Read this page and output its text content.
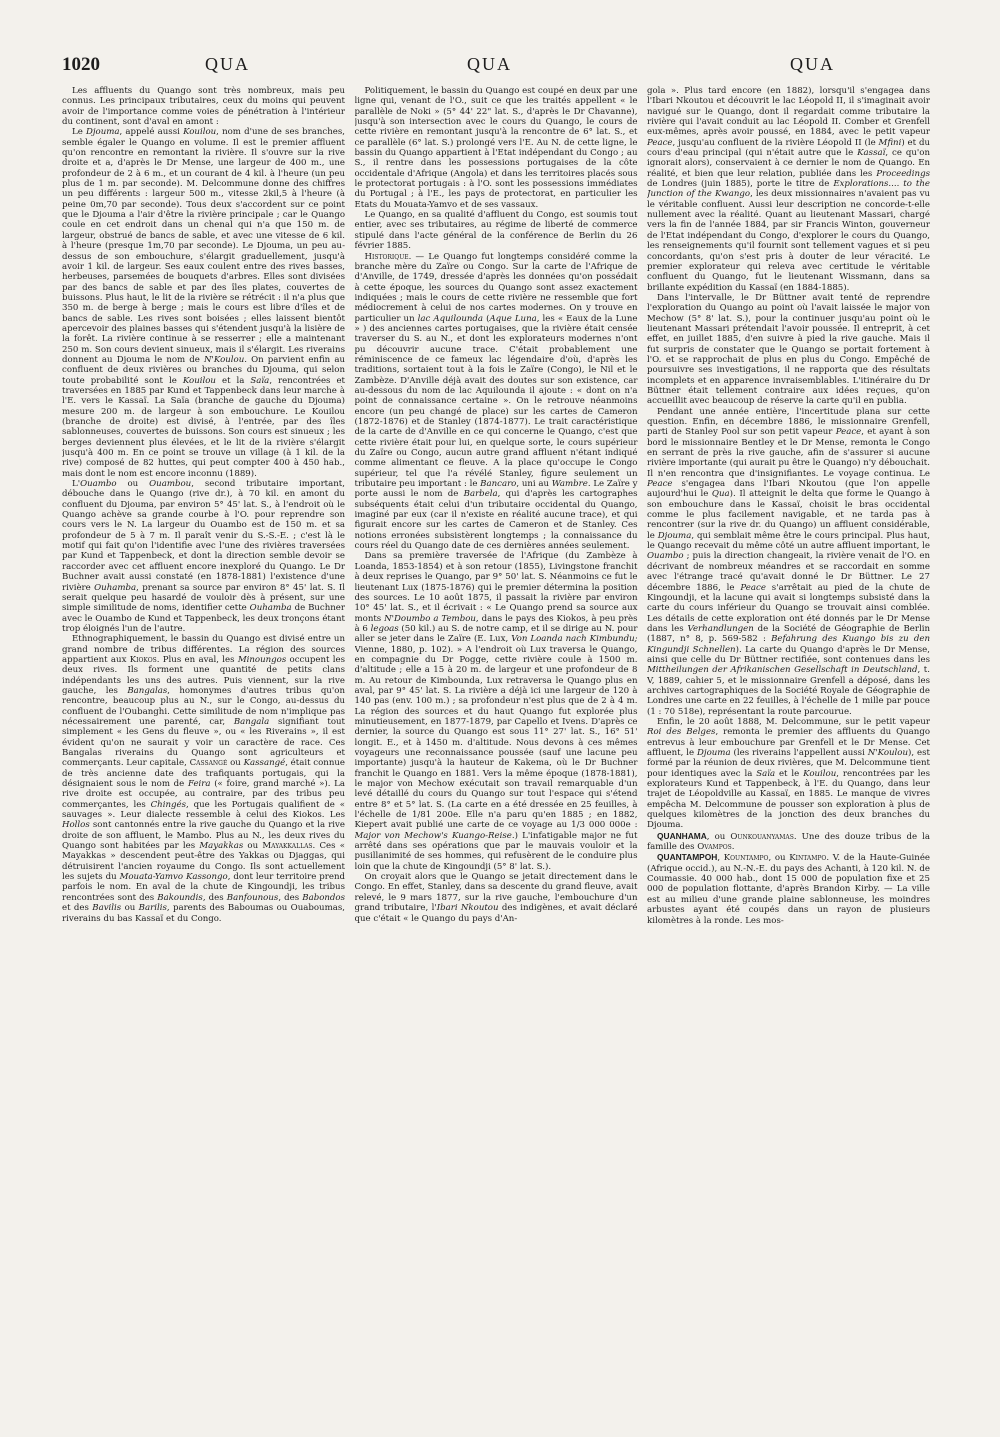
1020	QUA	QUA	QUA

Les affluents du Quango sont très nombreux, mais peu connus. Les principaux tributaires, ceux du moins qui peuvent avoir de l'importance comme voies de pénétration à l'intérieur du continent, sont d'aval en amont :

Le Djouma, appelé aussi Kouilou, nom d'une de ses branches, semble égaler le Quango en volume. Il est le premier affluent qu'on rencontre en remontant la rivière. Il s'ouvre sur la rive droite et a, d'après le Dr Mense, une largeur de 400 m., une profondeur de 2 à 6 m., et un courant de 4 kil. à l'heure (un peu plus de 1 m. par seconde). M. Delcommune donne des chiffres un peu différents : largeur 500 m., vitesse 2kil,5 à l'heure (à peine 0m,70 par seconde). Tous deux s'accordent sur ce point que le Djouma a l'air d'être la rivière principale ; car le Quango coule en cet endroit dans un chenal qui n'a que 150 m. de largeur, obstrué de bancs de sable, et avec une vitesse de 6 kil. à l'heure (presque 1m,70 par seconde). Le Djouma, un peu au-dessus de son embouchure, s'élargit graduellement, jusqu'à avoir 1 kil. de largeur. Ses eaux coulent entre des rives basses, herbeuses, parsemées de bouquets d'arbres. Elles sont divisées par des bancs de sable et par des îles plates, couvertes de buissons. Plus haut, le lit de la rivière se rétrécit : il n'a plus que 350 m. de berge à berge ; mais le cours est libre d'îles et de bancs de sable. Les rives sont boisées ; elles laissent bientôt apercevoir des plaines basses qui s'étendent jusqu'à la lisière de la forêt. La rivière continue à se resserrer ; elle a maintenant 250 m. Son cours devient sinueux, mais il s'élargit. Les riverains donnent au Djouma le nom de N'Koulou. On parvient enfin au confluent de deux rivières ou branches du Djouma, qui selon toute probabilité sont le Kouilou et la Saïa, rencontrées et traversées en 1885 par Kund et Tappenbeck dans leur marche à l'E. vers le Kassaï. La Saïa (branche de gauche du Djouma) mesure 200 m. de largeur à son embouchure. Le Kouilou (branche de droite) est divisé, à l'entrée, par des îles sablonneuses, couvertes de buissons. Son cours est sinueux ; les berges deviennent plus élevées, et le lit de la rivière s'élargit jusqu'à 400 m. En ce point se trouve un village (à 1 kil. de la rive) composé de 82 huttes, qui peut compter 400 à 450 hab., mais dont le nom est encore inconnu (1889).

L'Ouambo ou Ouambou, second tributaire important, débouche dans le Quango (rive dr.), à 70 kil. en amont du confluent du Djouma, par environ 5° 45' lat. S., à l'endroit où le Quango achève sa grande courbe à l'O. pour reprendre son cours vers le N. La largeur du Ouambo est de 150 m. et sa profondeur de 5 à 7 m. Il paraît venir du S.-S.-E. ; c'est là le motif qui fait qu'on l'identifie avec l'une des rivières traversées par Kund et Tappenbeck, et dont la direction semble devoir se raccorder avec cet affluent encore inexploré du Quango. Le Dr Buchner avait aussi constaté (en 1878-1881) l'existence d'une rivière Ouhamba, prenant sa source par environ 8° 45' lat. S. Il serait quelque peu hasardé de vouloir dès à présent, sur une simple similitude de noms, identifier cette Ouhamba de Buchner avec le Ouambo de Kund et Tappenbeck, les deux tronçons étant trop éloignés l'un de l'autre.

Ethnographiquement, le bassin du Quango est divisé entre un grand nombre de tribus différentes. La région des sources appartient aux Kiokos. Plus en aval, les Minoungos occupent les deux rives. Ils forment une quantité de petits clans indépendants les uns des autres. Puis viennent, sur la rive gauche, les Bangalas, homonymes d'autres tribus qu'on rencontre, beaucoup plus au N., sur le Congo, au-dessus du confluent de l'Oubanghi. Cette similitude de nom n'implique pas nécessairement une parenté, car, Bangala signifiant tout simplement « les Gens du fleuve », ou « les Riverains », il est évident qu'on ne saurait y voir un caractère de race. Ces Bangalas riverains du Quango sont agriculteurs et commerçants. Leur capitale, Cassangé ou Kassangé, était connue de très ancienne date des trafiquants portugais, qui la désignaient sous le nom de Feira (« foire, grand marché »). La rive droite est occupée, au contraire, par des tribus peu commerçantes, les Chingés, que les Portugais qualifient de « sauvages ». Leur dialecte ressemble à celui des Kiokos. Les Hollos sont cantonnés entre la rive gauche du Quango et la rive droite de son affluent, le Mambo. Plus au N., les deux rives du Quango sont habitées par les Mayakkas ou Mayakkallas. Ces « Mayakkas » descendent peut-être des Yakkas ou Djaggas, qui détruisirent l'ancien royaume du Congo. Ils sont actuellement les sujets du Mouata-Yamvo Kassongo, dont leur territoire prend parfois le nom. En aval de la chute de Kingoundji, les tribus rencontrées sont des Bakoundis, des Banfounous, des Babondos et des Bavilis ou Barilis, parents des Baboumas ou Ouaboumas, riverains du bas Kassaï et du Congo.

Politiquement, le bassin du Quango est coupé en deux par une ligne qui, venant de l'O., suit ce que les traités appellent « le parallèle de Noki » (5° 44' 22" lat. S., d'après le Dr Chavanne), jusqu'à son intersection avec le cours du Quango, le cours de cette rivière en remontant jusqu'à la rencontre de 6° lat. S., et ce parallèle (6° lat. S.) prolongé vers l'E. Au N. de cette ligne, le bassin du Quango appartient à l'Etat indépendant du Congo ; au S., il rentre dans les possessions portugaises de la côte occidentale d'Afrique (Angola) et dans les territoires placés sous le protectorat portugais : à l'O. sont les possessions immédiates du Portugal ; à l'E., les pays de protectorat, en particulier les Etats du Mouata-Yamvo et de ses vassaux.

Le Quango, en sa qualité d'affluent du Congo, est soumis tout entier, avec ses tributaires, au régime de liberté de commerce stipulé dans l'acte général de la conférence de Berlin du 26 février 1885.

Historique. — Le Quango fut longtemps considéré comme la branche mère du Zaïre ou Congo. Sur la carte de l'Afrique de d'Anville, de 1749, dressée d'après les données qu'on possédait à cette époque, les sources du Quango sont assez exactement indiquées ; mais le cours de cette rivière ne ressemble que fort médiocrement à celui de nos cartes modernes. On y trouve en particulier un lac Aquilounda (Aque Luna, les « Eaux de la Lune » ) des anciennes cartes portugaises, que la rivière était censée traverser du S. au N., et dont les explorateurs modernes n'ont pu découvrir aucune trace. C'était probablement une réminiscence de ce fameux lac légendaire d'où, d'après les traditions, sortaient tout à la fois le Zaïre (Congo), le Nil et le Zambèze. D'Anville déjà avait des doutes sur son existence, car au-dessous du nom de lac Aquilounda il ajoute : « dont on n'a point de connaissance certaine ». On le retrouve néanmoins encore (un peu changé de place) sur les cartes de Cameron (1872-1876) et de Stanley (1874-1877). Le trait caractéristique de la carte de d'Anville en ce qui concerne le Quango, c'est que cette rivière était pour lui, en quelque sorte, le cours supérieur du Zaïre ou Congo, aucun autre grand affluent n'étant indiqué comme alimentant ce fleuve. A la place qu'occupe le Congo supérieur, tel que l'a révélé Stanley, figure seulement un tributaire peu important : le Bancaro, uni au Wambre. Le Zaïre y porte aussi le nom de Barbela, qui d'après les cartographes subséquents était celui d'un tributaire occidental du Quango, imaginé par eux (car il n'existe en réalité aucune trace), et qui figurait encore sur les cartes de Cameron et de Stanley. Ces notions erronées subsistèrent longtemps ; la connaissance du cours réel du Quango date de ces dernières années seulement.

Dans sa première traversée de l'Afrique (du Zambèze à Loanda, 1853-1854) et à son retour (1855), Livingstone franchit à deux reprises le Quango, par 9° 50' lat. S. Néanmoins ce fut le lieutenant Lux (1875-1876) qui le premier détermina la position des sources. Le 10 août 1875, il passait la rivière par environ 10° 45' lat. S., et il écrivait : « Le Quango prend sa source aux monts N'Doumbo a Tembou, dans le pays des Kiokos, à peu près à 6 legoas (50 kil.) au S. de notre camp, et il se dirige au N. pour aller se jeter dans le Zaïre (E. Lux, Von Loanda nach Kimbundu; Vienne, 1880, p. 102). » A l'endroit où Lux traversa le Quango, en compagnie du Dr Pogge, cette rivière coule à 1500 m. d'altitude ; elle a 15 à 20 m. de largeur et une profondeur de 8 m. Au retour de Kimbounda, Lux retraversa le Quango plus en aval, par 9° 45' lat. S. La rivière a déjà ici une largeur de 120 à 140 pas (env. 100 m.) ; sa profondeur n'est plus que de 2 à 4 m. La région des sources et du haut Quango fut explorée plus minutieusement, en 1877-1879, par Capello et Ivens. D'après ce dernier, la source du Quango est sous 11° 27' lat. S., 16° 51' longit. E., et à 1450 m. d'altitude. Nous devons à ces mêmes voyageurs une reconnaissance poussée (sauf une lacune peu importante) jusqu'à la hauteur de Kakema, où le Dr Buchner franchit le Quango en 1881. Vers la même époque (1878-1881), le major von Mechow exécutait son travail remarquable d'un levé détaillé du cours du Quango sur tout l'espace qui s'étend entre 8° et 5° lat. S. (La carte en a été dressée en 25 feuilles, à l'échelle de 1/81 200e. Elle n'a paru qu'en 1885 ; en 1882, Kiepert avait publié une carte de ce voyage au 1/3 000 000e : Major von Mechow's Kuango-Reise.) L'infatigable major ne fut arrêté dans ses opérations que par le mauvais vouloir et la pusillanimité de ses hommes, qui refusèrent de le conduire plus loin que la chute de Kingoundji (5° 8' lat. S.).

On croyait alors que le Quango se jetait directement dans le Congo. En effet, Stanley, dans sa descente du grand fleuve, avait relevé, le 9 mars 1877, sur la rive gauche, l'embouchure d'un grand tributaire, l'Ibari Nkoutou des indigènes, et avait déclaré que c'était « le Quango du pays d'An-

gola ». Plus tard encore (en 1882), lorsqu'il s'engagea dans l'Ibari Nkoutou et découvrit le lac Léopold II, il s'imaginait avoir navigué sur le Quango, dont il regardait comme tributaire la rivière qui l'avait conduit au lac Léopold II. Comber et Grenfell eux-mêmes, après avoir poussé, en 1884, avec le petit vapeur Peace, jusqu'au confluent de la rivière Léopold II (le Mfini) et du cours d'eau principal (qui n'était autre que le Kassaï, ce qu'on ignorait alors), conservaient à ce dernier le nom de Quango. En réalité, et bien que leur relation, publiée dans les Proceedings de Londres (juin 1885), porte le titre de Explorations.... to the Junction of the Kwango, les deux missionnaires n'avaient pas vu le véritable confluent. Aussi leur description ne concorde-t-elle nullement avec la réalité. Quant au lieutenant Massari, chargé vers la fin de l'année 1884, par sir Francis Winton, gouverneur de l'Etat indépendant du Congo, d'explorer le cours du Quango, les renseignements qu'il fournit sont tellement vagues et si peu concordants, qu'on s'est pris à douter de leur véracité. Le premier explorateur qui releva avec certitude le véritable confluent du Quango, fut le lieutenant Wissmann, dans sa brillante expédition du Kassaï (en 1884-1885).

Dans l'intervalle, le Dr Büttner avait tenté de reprendre l'exploration du Quango au point où l'avait laissée le major von Mechow (5° 8' lat. S.), pour la continuer jusqu'au point où le lieutenant Massari prétendait l'avoir poussée. Il entreprit, à cet effet, en juillet 1885, d'en suivre à pied la rive gauche. Mais il fut surpris de constater que le Quango se portait fortement à l'O. et se rapprochait de plus en plus du Congo. Empêché de poursuivre ses investigations, il ne rapporta que des résultats incomplets et en apparence invraisemblables. L'itinéraire du Dr Büttner était tellement contraire aux idées reçues, qu'on accueillit avec beaucoup de réserve la carte qu'il en publia.

Pendant une année entière, l'incertitude plana sur cette question. Enfin, en décembre 1886, le missionnaire Grenfell, parti de Stanley Pool sur son petit vapeur Peace, et ayant à son bord le missionnaire Bentley et le Dr Mense, remonta le Congo en serrant de près la rive gauche, afin de s'assurer si aucune rivière importante (qui aurait pu être le Quango) n'y débouchait. Il n'en rencontra que d'insignifiantes. Le voyage continua. Le Peace s'engagea dans l'Ibari Nkoutou (que l'on appelle aujourd'hui le Qua). Il atteignit le delta que forme le Quango à son embouchure dans le Kassaï, choisit le bras occidental comme le plus facilement navigable, et ne tarda pas à rencontrer (sur la rive dr. du Quango) un affluent considérable, le Djouma, qui semblait même être le cours principal. Plus haut, le Quango recevait du même côté un autre affluent important, le Ouambo ; puis la direction changeait, la rivière venait de l'O. en décrivant de nombreux méandres et se raccordait en somme avec l'étrange tracé qu'avait donné le Dr Büttner. Le 27 décembre 1886, le Peace s'arrêtait au pied de la chute de Kingoundji, et la lacune qui avait si longtemps subsisté dans la carte du cours inférieur du Quango se trouvait ainsi comblée. Les détails de cette exploration ont été donnés par le Dr Mense dans les Verhandlungen de la Société de Géographie de Berlin (1887, n° 8, p. 569-582 : Befahrung des Kuango bis zu den Kingundji Schnellen). La carte du Quango d'après le Dr Mense, ainsi que celle du Dr Büttner rectifiée, sont contenues dans les Mittheilungen der Afrikanischen Gesellschaft in Deutschland, t. V, 1889, cahier 5, et le missionnaire Grenfell a déposé, dans les archives cartographiques de la Société Royale de Géographie de Londres une carte en 22 feuilles, à l'échelle de 1 mille par pouce (1 : 70 518e), représentant la route parcourue.

Enfin, le 20 août 1888, M. Delcommune, sur le petit vapeur Roi des Belges, remonta le premier des affluents du Quango entrevus à leur embouchure par Grenfell et le Dr Mense. Cet affluent, le Djouma (les riverains l'appellent aussi N'Koulou), est formé par la réunion de deux rivières, que M. Delcommune tient pour identiques avec la Saïa et le Kouilou, rencontrées par les explorateurs Kund et Tappenbeck, à l'E. du Quango, dans leur trajet de Léopoldville au Kassaï, en 1885. Le manque de vivres empêcha M. Delcommune de pousser son exploration à plus de quelques kilomètres de la jonction des deux branches du Djouma.

QUANHAMA, ou Ounkouanyamas. Une des douze tribus de la famille des Ovampos.

QUANTAMPOH, Kountampo, ou Kintampo. V. de la Haute-Guinée (Afrique occid.), au N.-N.-E. du pays des Achanti, à 120 kil. N. de Coumassie. 40 000 hab., dont 15 000 de population fixe et 25 000 de population flottante, d'après Brandon Kirby. — La ville est au milieu d'une grande plaine sablonneuse, les moindres arbustes ayant été coupés dans un rayon de plusieurs kilomètres à la ronde. Les mos-
